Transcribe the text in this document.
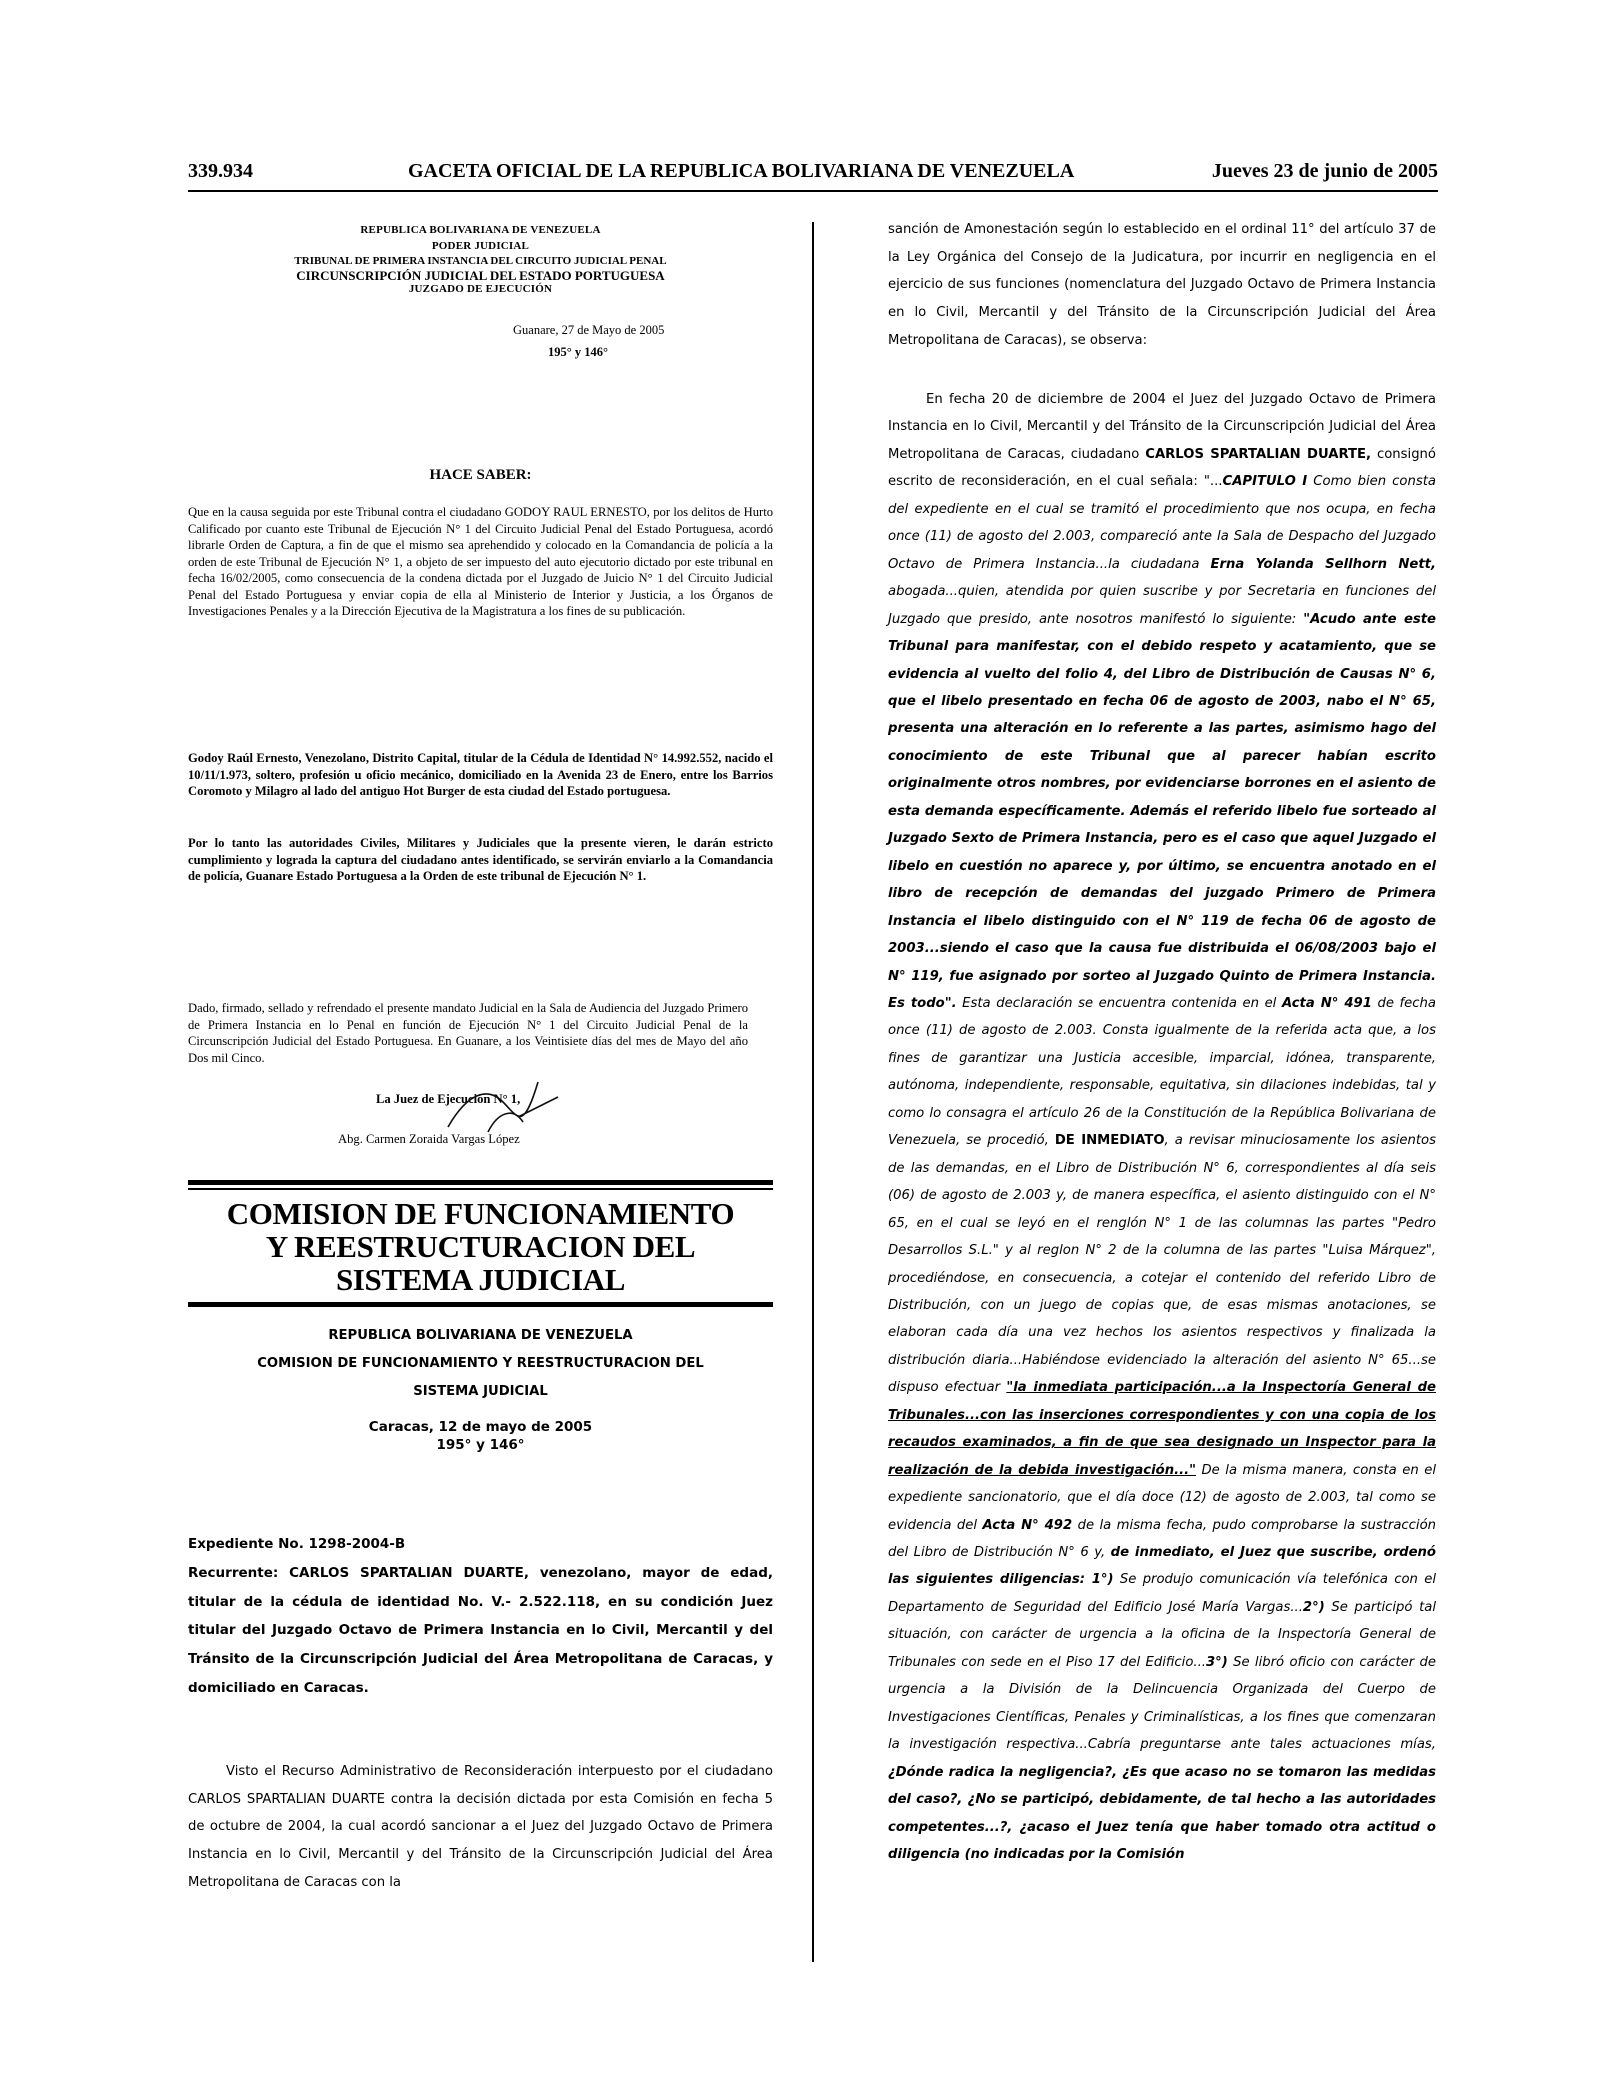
339.934	GACETA OFICIAL DE LA REPUBLICA BOLIVARIANA DE VENEZUELA	Jueves 23 de junio de 2005
REPUBLICA BOLIVARIANA DE VENEZUELA
PODER JUDICIAL
TRIBUNAL DE PRIMERA INSTANCIA DEL CIRCUITO JUDICIAL PENAL
CIRCUNSCRIPCIÓN JUDICIAL DEL ESTADO PORTUGUESA
JUZGADO DE EJECUCIÓN
Guanare, 27 de Mayo de 2005
195° y 146°
HACE SABER:
Que en la causa seguida por este Tribunal contra el ciudadano GODOY RAUL ERNESTO, por los delitos de Hurto Calificado por cuanto este Tribunal de Ejecución N° 1 del Circuito Judicial Penal del Estado Portuguesa, acordó librarle Orden de Captura, a fin de que el mismo sea aprehendido y colocado en la Comandancia de policía a la orden de este Tribunal de Ejecución N° 1, a objeto de ser impuesto del auto ejecutorio dictado por este tribunal en fecha 16/02/2005, como consecuencia de la condena dictada por el Juzgado de Juicio N° 1 del Circuito Judicial Penal del Estado Portuguesa y enviar copia de ella al Ministerio de Interior y Justicia, a los Órganos de Investigaciones Penales y a la Dirección Ejecutiva de la Magistratura a los fines de su publicación.
Godoy Raúl Ernesto, Venezolano, Distrito Capital, titular de la Cédula de Identidad N° 14.992.552, nacido el 10/11/1.973, soltero, profesión u oficio mecánico, domiciliado en la Avenida 23 de Enero, entre los Barrios Coromoto y Milagro al lado del antiguo Hot Burger de esta ciudad del Estado portuguesa.
Por lo tanto las autoridades Civiles, Militares y Judiciales que la presente vieren, le darán estricto cumplimiento y lograda la captura del ciudadano antes identificado, se servirán enviarlo a la Comandancia de policía, Guanare Estado Portuguesa a la Orden de este tribunal de Ejecución N° 1.
Dado, firmado, sellado y refrendado el presente mandato Judicial en la Sala de Audiencia del Juzgado Primero de Primera Instancia en lo Penal en función de Ejecución N° 1 del Circuito Judicial Penal de la Circunscripción Judicial del Estado Portuguesa. En Guanare, a los Veintisiete días del mes de Mayo del año Dos mil Cinco.
La Juez de Ejecución N° 1,
Abg. Carmen Zoraida Vargas López
COMISION DE FUNCIONAMIENTO
Y REESTRUCTURACION DEL
SISTEMA JUDICIAL
REPUBLICA BOLIVARIANA DE VENEZUELA
COMISION DE FUNCIONAMIENTO Y REESTRUCTURACION DEL
SISTEMA JUDICIAL
Caracas, 12 de mayo de 2005
195° y 146°
Expediente No. 1298-2004-B
Recurrente: CARLOS SPARTALIAN DUARTE, venezolano, mayor de edad, titular de la cédula de identidad No. V.- 2.522.118, en su condición Juez titular del Juzgado Octavo de Primera Instancia en lo Civil, Mercantil y del Tránsito de la Circunscripción Judicial del Área Metropolitana de Caracas, y domiciliado en Caracas.
Visto el Recurso Administrativo de Reconsideración interpuesto por el ciudadano CARLOS SPARTALIAN DUARTE contra la decisión dictada por esta Comisión en fecha 5 de octubre de 2004, la cual acordó sancionar a el Juez del Juzgado Octavo de Primera Instancia en lo Civil, Mercantil y del Tránsito de la Circunscripción Judicial del Área Metropolitana de Caracas con la
sanción de Amonestación según lo establecido en el ordinal 11° del artículo 37 de la Ley Orgánica del Consejo de la Judicatura, por incurrir en negligencia en el ejercicio de sus funciones (nomenclatura del Juzgado Octavo de Primera Instancia en lo Civil, Mercantil y del Tránsito de la Circunscripción Judicial del Área Metropolitana de Caracas), se observa:
En fecha 20 de diciembre de 2004 el Juez del Juzgado Octavo de Primera Instancia en lo Civil, Mercantil y del Tránsito de la Circunscripción Judicial del Área Metropolitana de Caracas, ciudadano CARLOS SPARTALIAN DUARTE, consignó escrito de reconsideración, en el cual señala: "...CAPITULO I Como bien consta del expediente en el cual se tramitó el procedimiento que nos ocupa, en fecha once (11) de agosto del 2.003, compareció ante la Sala de Despacho del Juzgado Octavo de Primera Instancia...la ciudadana Erna Yolanda Sellhorn Nett, abogada...quien, atendida por quien suscribe y por Secretaria en funciones del Juzgado que presido, ante nosotros manifestó lo siguiente: "Acudo ante este Tribunal para manifestar, con el debido respeto y acatamiento, que se evidencia al vuelto del folio 4, del Libro de Distribución de Causas N° 6, que el libelo presentado en fecha 06 de agosto de 2003, nabo el N° 65, presenta una alteración en lo referente a las partes, asimismo hago del conocimiento de este Tribunal que al parecer habían escrito originalmente otros nombres, por evidenciarse borrones en el asiento de esta demanda específicamente. Además el referido libelo fue sorteado al Juzgado Sexto de Primera Instancia, pero es el caso que aquel Juzgado el libelo en cuestión no aparece y, por último, se encuentra anotado en el libro de recepción de demandas del juzgado Primero de Primera Instancia el libelo distinguido con el N° 119 de fecha 06 de agosto de 2003...siendo el caso que la causa fue distribuida el 06/08/2003 bajo el N° 119, fue asignado por sorteo al Juzgado Quinto de Primera Instancia. Es todo". Esta declaración se encuentra contenida en el Acta N° 491 de fecha once (11) de agosto de 2.003. Consta igualmente de la referida acta que, a los fines de garantizar una Justicia accesible, imparcial, idónea, transparente, autónoma, independiente, responsable, equitativa, sin dilaciones indebidas, tal y como lo consagra el artículo 26 de la Constitución de la República Bolivariana de Venezuela, se procedió, DE INMEDIATO, a revisar minuciosamente los asientos de las demandas, en el Libro de Distribución N° 6, correspondientes al día seis (06) de agosto de 2.003 y, de manera específica, el asiento distinguido con el N° 65, en el cual se leyó en el renglón N° 1 de las columnas las partes "Pedro Desarrollos S.L." y al reglon N° 2 de la columna de las partes "Luisa Márquez", procediéndose, en consecuencia, a cotejar el contenido del referido Libro de Distribución, con un juego de copias que, de esas mismas anotaciones, se elaboran cada día una vez hechos los asientos respectivos y finalizada la distribución diaria...Habiéndose evidenciado la alteración del asiento N° 65...se dispuso efectuar "la inmediata participación...a la Inspectoría General de Tribunales...con las inserciones correspondientes y con una copia de los recaudos examinados, a fin de que sea designado un Inspector para la realización de la debida investigación..." De la misma manera, consta en el expediente sancionatorio, que el día doce (12) de agosto de 2.003, tal como se evidencia del Acta N° 492 de la misma fecha, pudo comprobarse la sustracción del Libro de Distribución N° 6 y, de inmediato, el Juez que suscribe, ordenó las siguientes diligencias: 1°) Se produjo comunicación vía telefónica con el Departamento de Seguridad del Edificio José María Vargas...2°) Se participó tal situación, con carácter de urgencia a la oficina de la Inspectoría General de Tribunales con sede en el Piso 17 del Edificio...3°) Se libró oficio con carácter de urgencia a la División de la Delincuencia Organizada del Cuerpo de Investigaciones Científicas, Penales y Criminalísticas, a los fines que comenzaran la investigación respectiva...Cabría preguntarse ante tales actuaciones mías, ¿Dónde radica la negligencia?, ¿Es que acaso no se tomaron las medidas del caso?, ¿No se participó, debidamente, de tal hecho a las autoridades competentes...?, ¿acaso el Juez tenía que haber tomado otra actitud o diligencia (no indicadas por la Comisión
